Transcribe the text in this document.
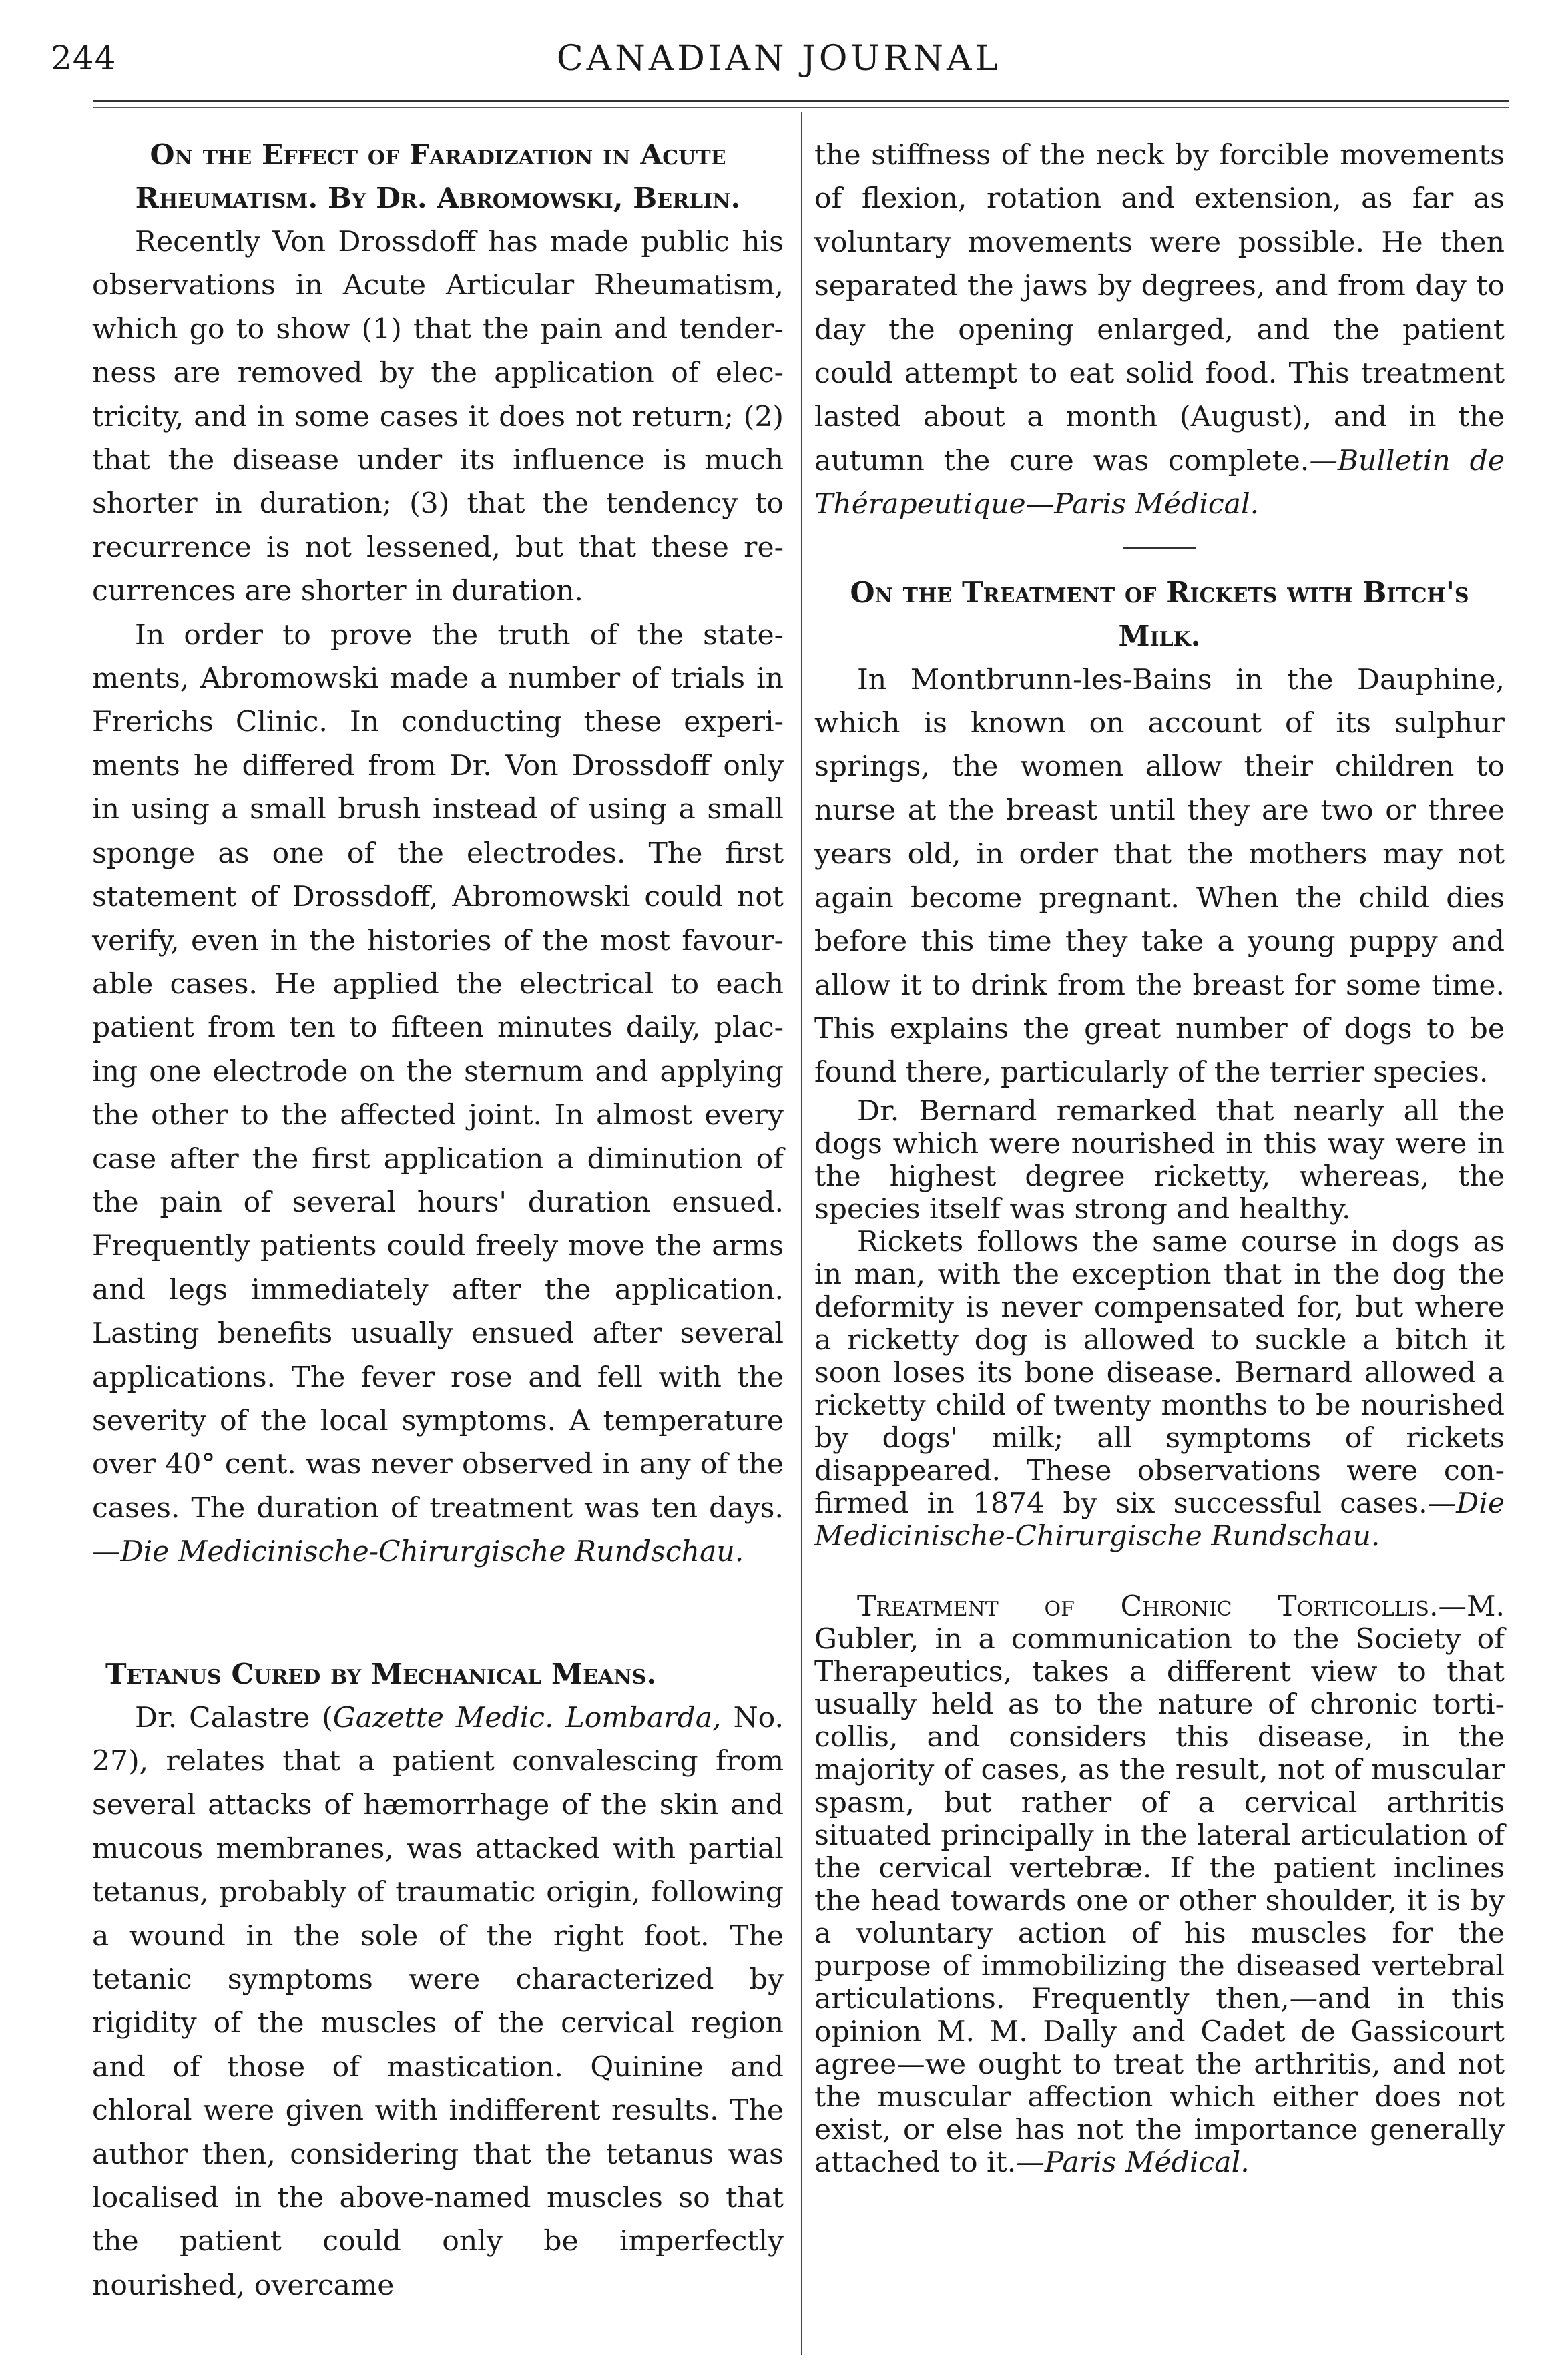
244	CANADIAN JOURNAL
On the Effect of Faradization in Acute
Rheumatism. By Dr. Abromowski, Berlin.

Recently Von Drossdoff has made public his observations in Acute Articular Rheumatism, which go to show (1) that the pain and tenderness are removed by the application of electricity, and in some cases it does not return; (2) that the disease under its influence is much shorter in duration; (3) that the tendency to recurrence is not lessened, but that these recurrences are shorter in duration.

In order to prove the truth of the statements, Abromowski made a number of trials in Frerichs Clinic. In conducting these experiments he differed from Dr. Von Drossdoff only in using a small brush instead of using a small sponge as one of the electrodes. The first statement of Drossdoff, Abromowski could not verify, even in the histories of the most favourable cases. He applied the electrical to each patient from ten to fifteen minutes daily, placing one electrode on the sternum and applying the other to the affected joint. In almost every case after the first application a diminution of the pain of several hours' duration ensued. Frequently patients could freely move the arms and legs immediately after the application. Lasting benefits usually ensued after several applications. The fever rose and fell with the severity of the local symptoms. A temperature over 40° cent. was never observed in any of the cases. The duration of treatment was ten days.—Die Medicinische-Chirurgische Rundschau.

Tetanus Cured by Mechanical Means.

Dr. Calastre (Gazette Medic. Lombarda, No. 27), relates that a patient convalescing from several attacks of hæmorrhage of the skin and mucous membranes, was attacked with partial tetanus, probably of traumatic origin, following a wound in the sole of the right foot. The tetanic symptoms were characterized by rigidity of the muscles of the cervical region and of those of mastication. Quinine and chloral were given with indifferent results. The author then, considering that the tetanus was localised in the above-named muscles so that the patient could only be imperfectly nourished, overcame

the stiffness of the neck by forcible movements of flexion, rotation and extension, as far as voluntary movements were possible. He then separated the jaws by degrees, and from day to day the opening enlarged, and the patient could attempt to eat solid food. This treatment lasted about a month (August), and in the autumn the cure was complete.—Bulletin de Thérapeutique—Paris Médical.

On the Treatment of Rickets with Bitch's
Milk.

In Montbrunn-les-Bains in the Dauphine, which is known on account of its sulphur springs, the women allow their children to nurse at the breast until they are two or three years old, in order that the mothers may not again become pregnant. When the child dies before this time they take a young puppy and allow it to drink from the breast for some time. This explains the great number of dogs to be found there, particularly of the terrier species.

Dr. Bernard remarked that nearly all the dogs which were nourished in this way were in the highest degree ricketty, whereas, the species itself was strong and healthy.

Rickets follows the same course in dogs as in man, with the exception that in the dog the deformity is never compensated for, but where a ricketty dog is allowed to suckle a bitch it soon loses its bone disease. Bernard allowed a ricketty child of twenty months to be nourished by dogs' milk; all symptoms of rickets disappeared. These observations were confirmed in 1874 by six successful cases.—Die Medicinische-Chirurgische Rundschau.

Treatment of Chronic Torticollis.—M. Gubler, in a communication to the Society of Therapeutics, takes a different view to that usually held as to the nature of chronic torticollis, and considers this disease, in the majority of cases, as the result, not of muscular spasm, but rather of a cervical arthritis situated principally in the lateral articulation of the cervical vertebræ. If the patient inclines the head towards one or other shoulder, it is by a voluntary action of his muscles for the purpose of immobilizing the diseased vertebral articulations. Frequently then,—and in this opinion M. M. Dally and Cadet de Gassicourt agree—we ought to treat the arthritis, and not the muscular affection which either does not exist, or else has not the importance generally attached to it.—Paris Médical.
